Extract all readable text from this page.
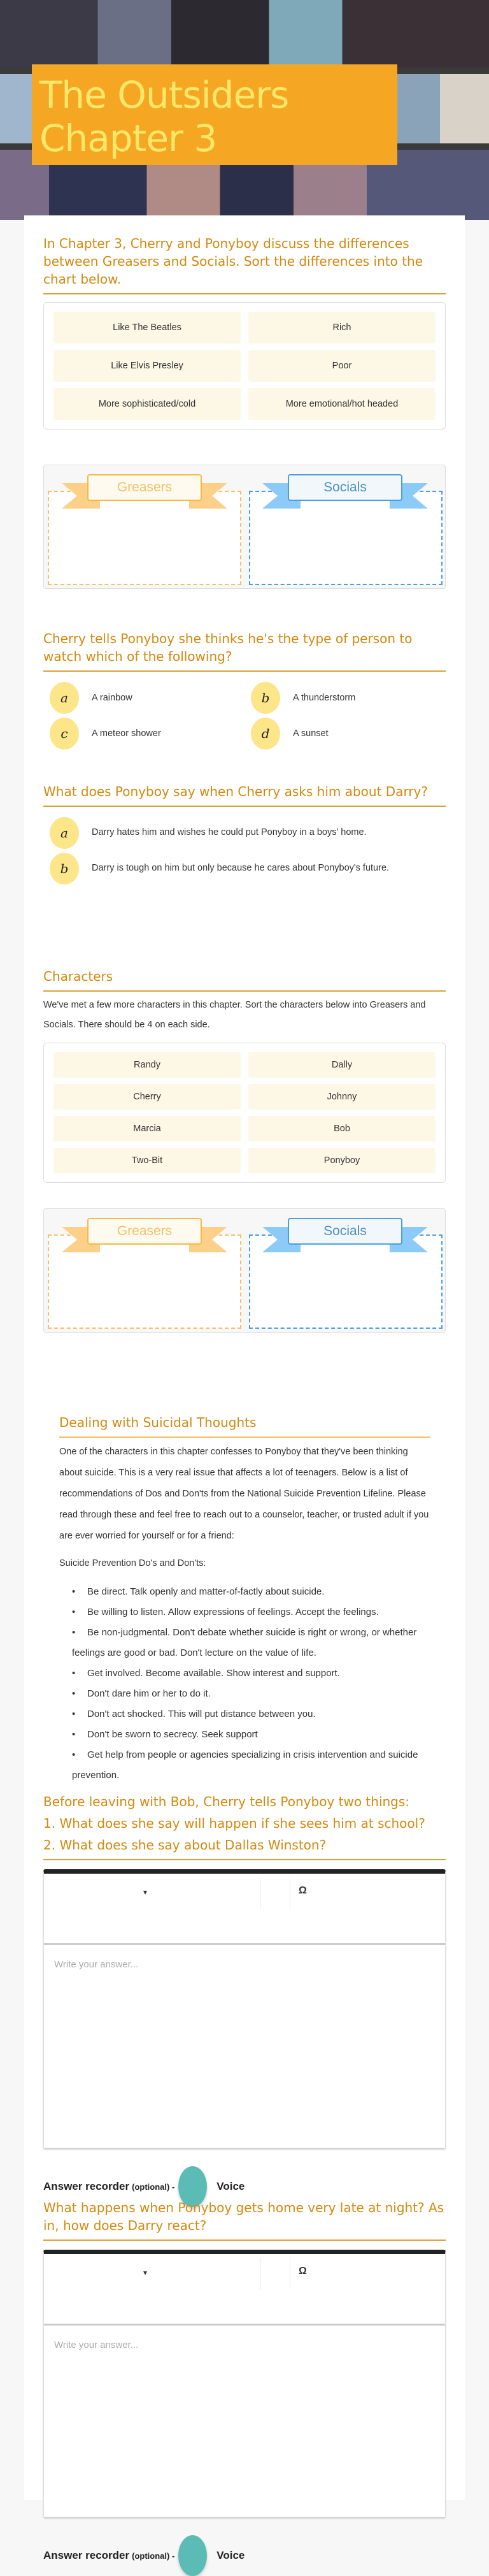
The Outsiders
Chapter 3
In Chapter 3, Cherry and Ponyboy discuss the differences between Greasers and Socials. Sort the differences into the chart below.
Like The Beatles	Rich
Like Elvis Presley	Poor
More sophisticated/cold	More emotional/hot headed
Greasers	Socials
Cherry tells Ponyboy she thinks he's the type of person to watch which of the following?
a	A rainbow	b	A thunderstorm
c	A meteor shower	d	A sunset
What does Ponyboy say when Cherry asks him about Darry?
a	Darry hates him and wishes he could put Ponyboy in a boys' home.
b	Darry is tough on him but only because he cares about Ponyboy's future.
Characters
We've met a few more characters in this chapter. Sort the characters below into Greasers and Socials. There should be 4 on each side.
Randy	Dally
Cherry	Johnny
Marcia	Bob
Two-Bit	Ponyboy
Greasers	Socials
Dealing with Suicidal Thoughts

One of the characters in this chapter confesses to Ponyboy that they've been thinking about suicide. This is a very real issue that affects a lot of teenagers. Below is a list of recommendations of Dos and Don'ts from the National Suicide Prevention Lifeline. Please read through these and feel free to reach out to a counselor, teacher, or trusted adult if you are ever worried for yourself or for a friend:

Suicide Prevention Do's and Don'ts:

• Be direct. Talk openly and matter-of-factly about suicide.
• Be willing to listen. Allow expressions of feelings. Accept the feelings.
• Be non-judgmental. Don't debate whether suicide is right or wrong, or whether feelings are good or bad. Don't lecture on the value of life.
• Get involved. Become available. Show interest and support.
• Don't dare him or her to do it.
• Don't act shocked. This will put distance between you.
• Don't be sworn to secrecy. Seek support
• Get help from people or agencies specializing in crisis intervention and suicide prevention.
Before leaving with Bob, Cherry tells Ponyboy two things:
1. What does she say will happen if she sees him at school?
2. What does she say about Dallas Winston?
▾	Ω
Write your answer...
Answer recorder (optional) -	Voice
What happens when Ponyboy gets home very late at night? As in, how does Darry react?
▾	Ω
Write your answer...
Answer recorder (optional) -	Voice
